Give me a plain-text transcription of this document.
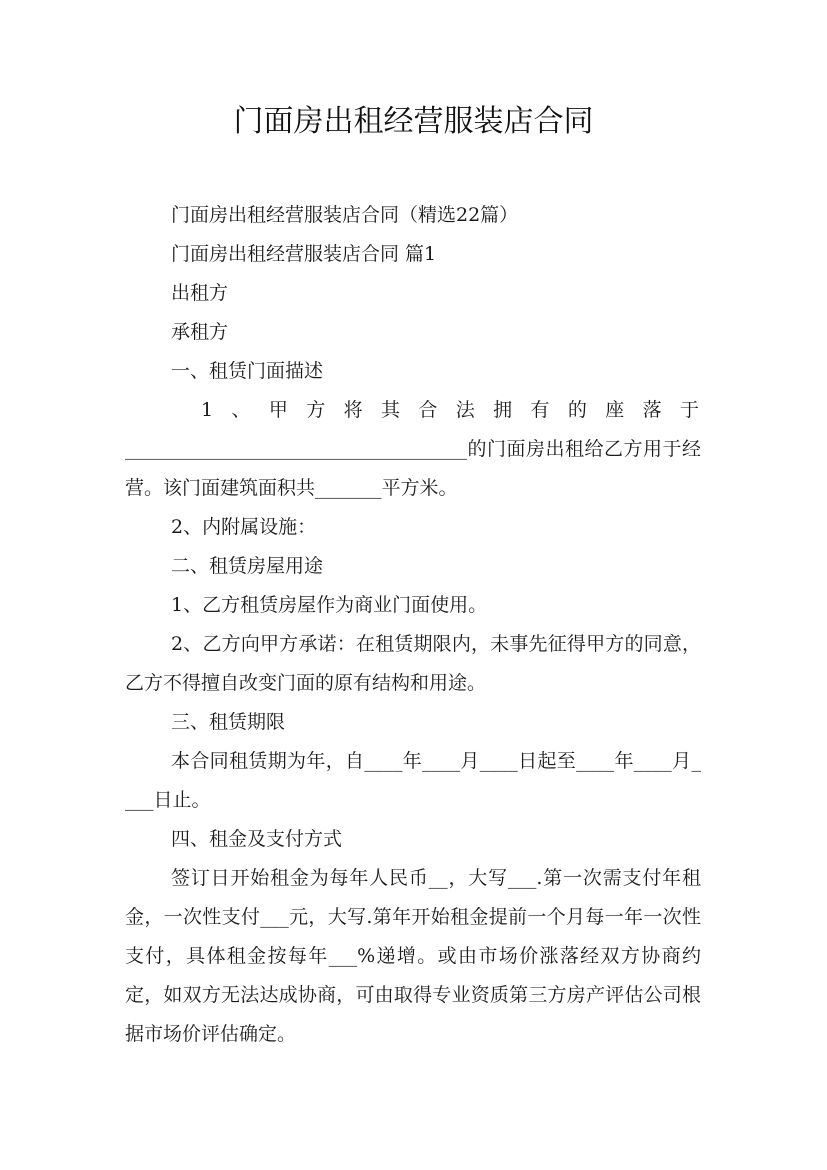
门面房出租经营服装店合同

门面房出租经营服装店合同（精选22篇）

门面房出租经营服装店合同 篇1

出租方

承租方

一、租赁门面描述

1、甲方将其合法拥有的座落于

____________________________________的门面房出租给乙方用于经营。该门面建筑面积共_______平方米。

2、内附属设施：

二、租赁房屋用途

1、乙方租赁房屋作为商业门面使用。

2、乙方向甲方承诺：在租赁期限内，未事先征得甲方的同意，乙方不得擅自改变门面的原有结构和用途。

三、租赁期限

本合同租赁期为年，自____年____月____日起至____年____月____日止。

四、租金及支付方式

签订日开始租金为每年人民币__，大写___.第一次需支付年租金，一次性支付___元，大写.第年开始租金提前一个月每一年一次性支付，具体租金按每年___%递增。或由市场价涨落经双方协商约定，如双方无法达成协商，可由取得专业资质第三方房产评估公司根据市场价评估确定。
